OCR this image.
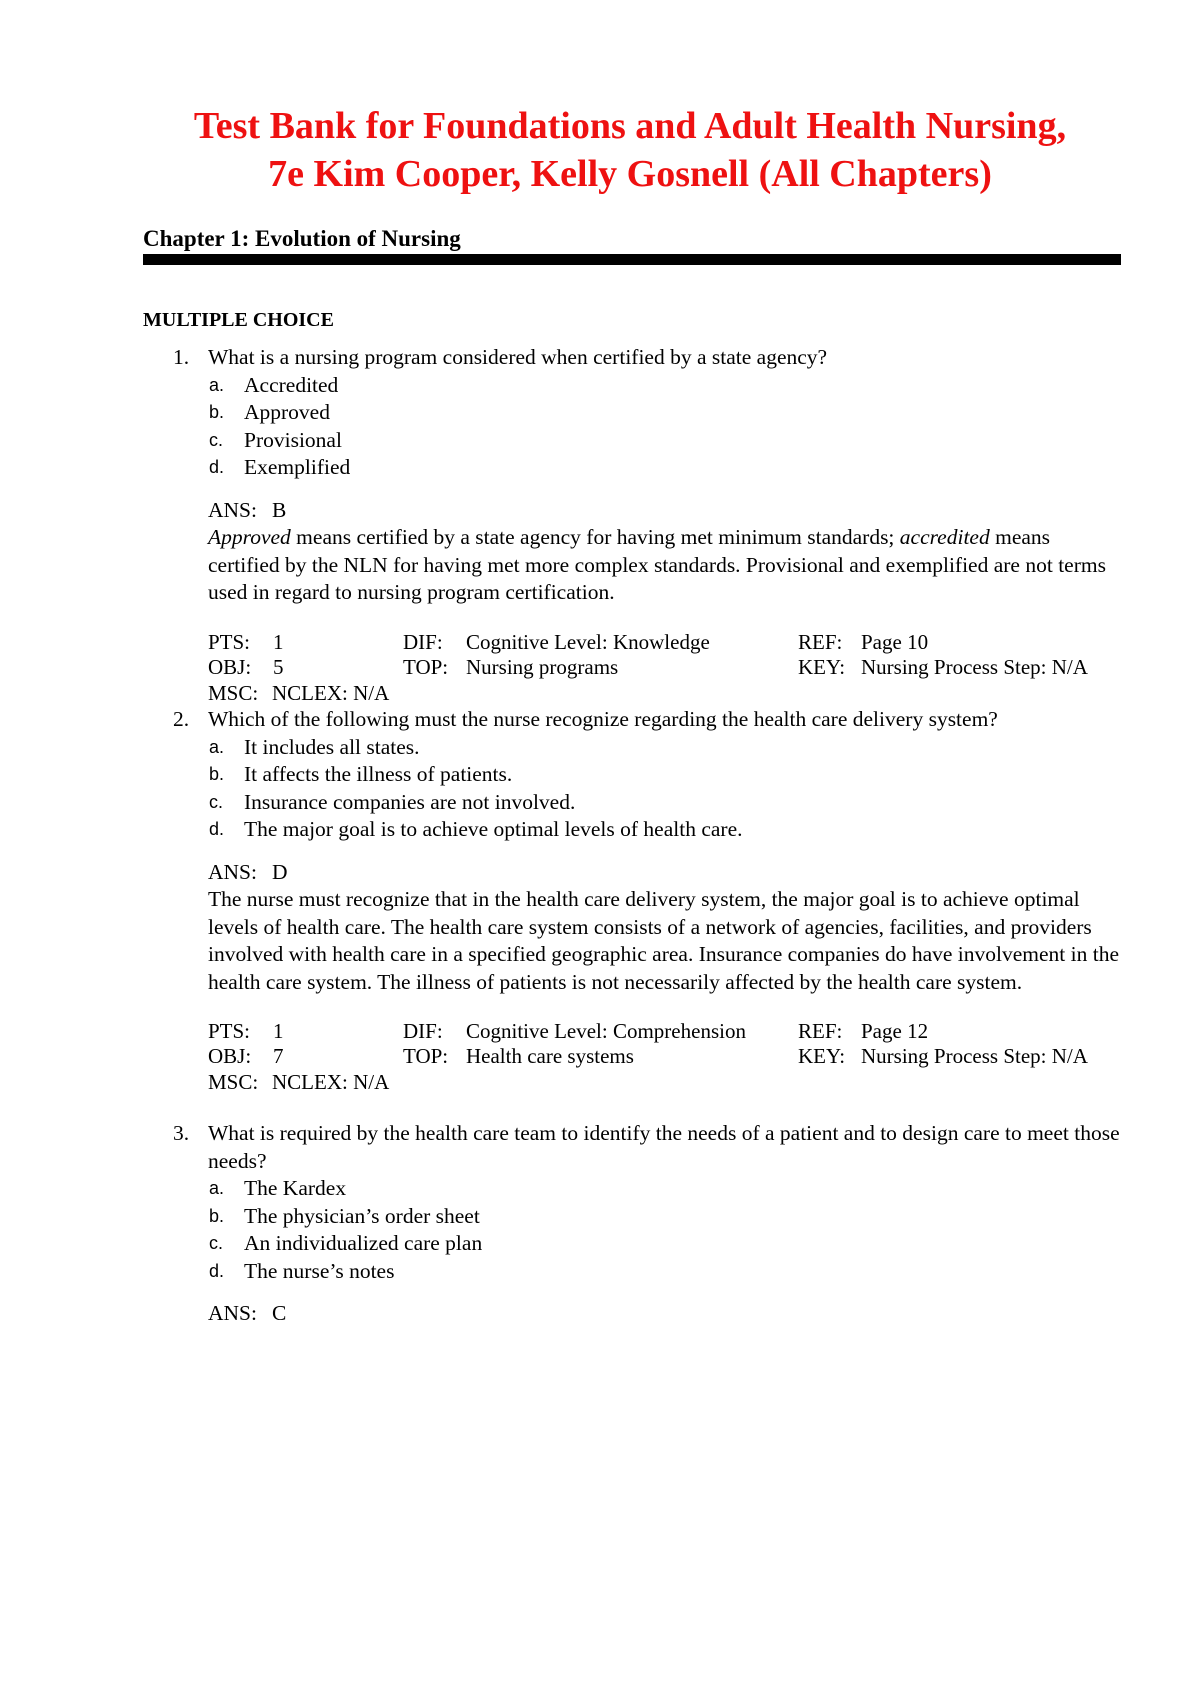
Test Bank for Foundations and Adult Health Nursing,
7e Kim Cooper, Kelly Gosnell (All Chapters)
Chapter 1: Evolution of Nursing
MULTIPLE CHOICE
1. What is a nursing program considered when certified by a state agency?
a. Accredited
b. Approved
c. Provisional
d. Exemplified
ANS: B
Approved means certified by a state agency for having met minimum standards; accredited means certified by the NLN for having met more complex standards. Provisional and exemplified are not terms used in regard to nursing program certification.
PTS: 1	DIF: Cognitive Level: Knowledge	REF: Page 10
OBJ: 5	TOP: Nursing programs	KEY: Nursing Process Step: N/A
MSC: NCLEX: N/A
2. Which of the following must the nurse recognize regarding the health care delivery system?
a. It includes all states.
b. It affects the illness of patients.
c. Insurance companies are not involved.
d. The major goal is to achieve optimal levels of health care.
ANS: D
The nurse must recognize that in the health care delivery system, the major goal is to achieve optimal levels of health care. The health care system consists of a network of agencies, facilities, and providers involved with health care in a specified geographic area. Insurance companies do have involvement in the health care system. The illness of patients is not necessarily affected by the health care system.
PTS: 1	DIF: Cognitive Level: Comprehension REF: Page 12
OBJ: 7	TOP: Health care systems	KEY: Nursing Process Step: N/A
MSC: NCLEX: N/A
3. What is required by the health care team to identify the needs of a patient and to design care to meet those needs?
a. The Kardex
b. The physician’s order sheet
c. An individualized care plan
d. The nurse’s notes
ANS: C
